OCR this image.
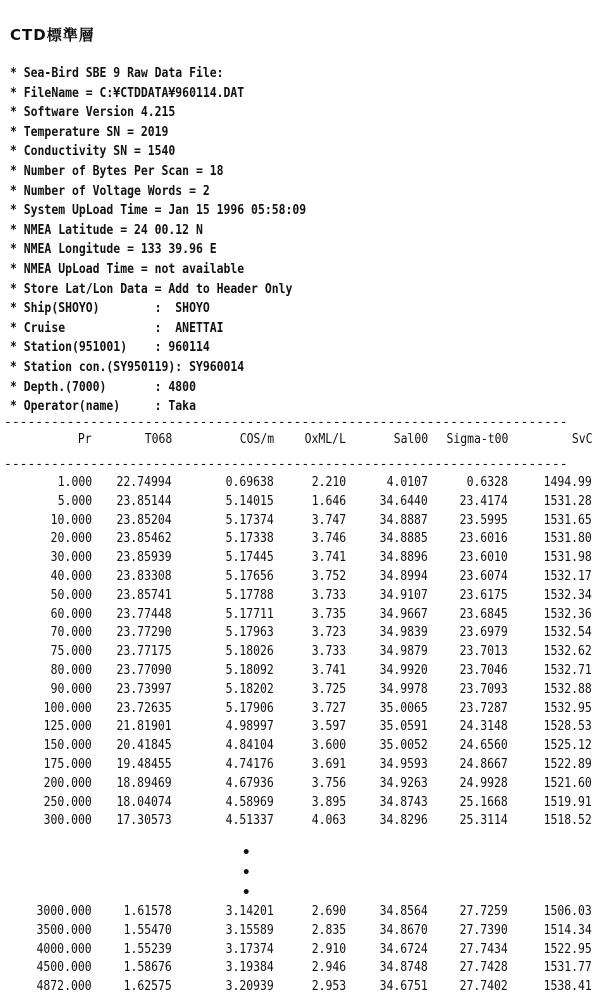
CTD標準層
* Sea-Bird SBE 9 Raw Data File:
* FileName = C:¥CTDDATA¥960114.DAT
* Software Version 4.215
* Temperature SN = 2019
* Conductivity SN = 1540
* Number of Bytes Per Scan = 18
* Number of Voltage Words = 2
* System UpLoad Time = Jan 15 1996 05:58:09
* NMEA Latitude = 24 00.12 N
* NMEA Longitude = 133 39.96 E
* NMEA UpLoad Time = not available
* Store Lat/Lon Data = Add to Header Only
* Ship(SHOYO)        :  SHOYO
* Cruise             :  ANETTAI
* Station(951001)    : 960114
* Station con.(SY950119): SY960014
* Depth.(7000)       : 4800
* Operator(name)     : Taka
------------------------------------------------------------------------
------------------------------------------------------------------------
Pr	T068	COS/m OxML/L	Sal00 Sigma-t00	SvC
1.000 22.74994	0.69638	2.210	4.0107	0.6328	1494.99
5.000 23.85144	5.14015	1.646	34.6440 23.4174	1531.28
10.000 23.85204	5.17374	3.747	34.8887 23.5995	1531.65
20.000 23.85462	5.17338	3.746	34.8885 23.6016	1531.80
30.000 23.85939	5.17445	3.741	34.8896 23.6010	1531.98
40.000 23.83308	5.17656	3.752	34.8994 23.6074	1532.17
50.000 23.85741	5.17788	3.733	34.9107 23.6175	1532.34
60.000 23.77448	5.17711	3.735	34.9667 23.6845	1532.36
70.000 23.77290	5.17963	3.723	34.9839 23.6979	1532.54
75.000 23.77175	5.18026	3.733	34.9879 23.7013	1532.62
80.000 23.77090	5.18092	3.741	34.9920 23.7046	1532.71
90.000 23.73997	5.18202	3.725	34.9978 23.7093	1532.88
100.000 23.72635	5.17906	3.727	35.0065 23.7287	1532.95
125.000 21.81901	4.98997	3.597	35.0591 24.3148	1528.53
150.000 20.41845	4.84104	3.600	35.0052 24.6560	1525.12
175.000 19.48455	4.74176	3.691	34.9593 24.8667	1522.89
200.000 18.89469	4.67936	3.756	34.9263 24.9928	1521.60
250.000 18.04074	4.58969	3.895	34.8743 25.1668	1519.91
300.000 17.30573	4.51337	4.063	34.8296 25.3114	1518.52
•
•
•
3000.000 1.61578	3.14201	2.690	34.8564 27.7259	1506.03
3500.000 1.55470	3.15589	2.835	34.8670 27.7390	1514.34
4000.000 1.55239	3.17374	2.910	34.6724 27.7434	1522.95
4500.000 1.58676	3.19384	2.946	34.8748 27.7428	1531.77
4872.000 1.62575	3.20939	2.953	34.6751 27.7402	1538.41
